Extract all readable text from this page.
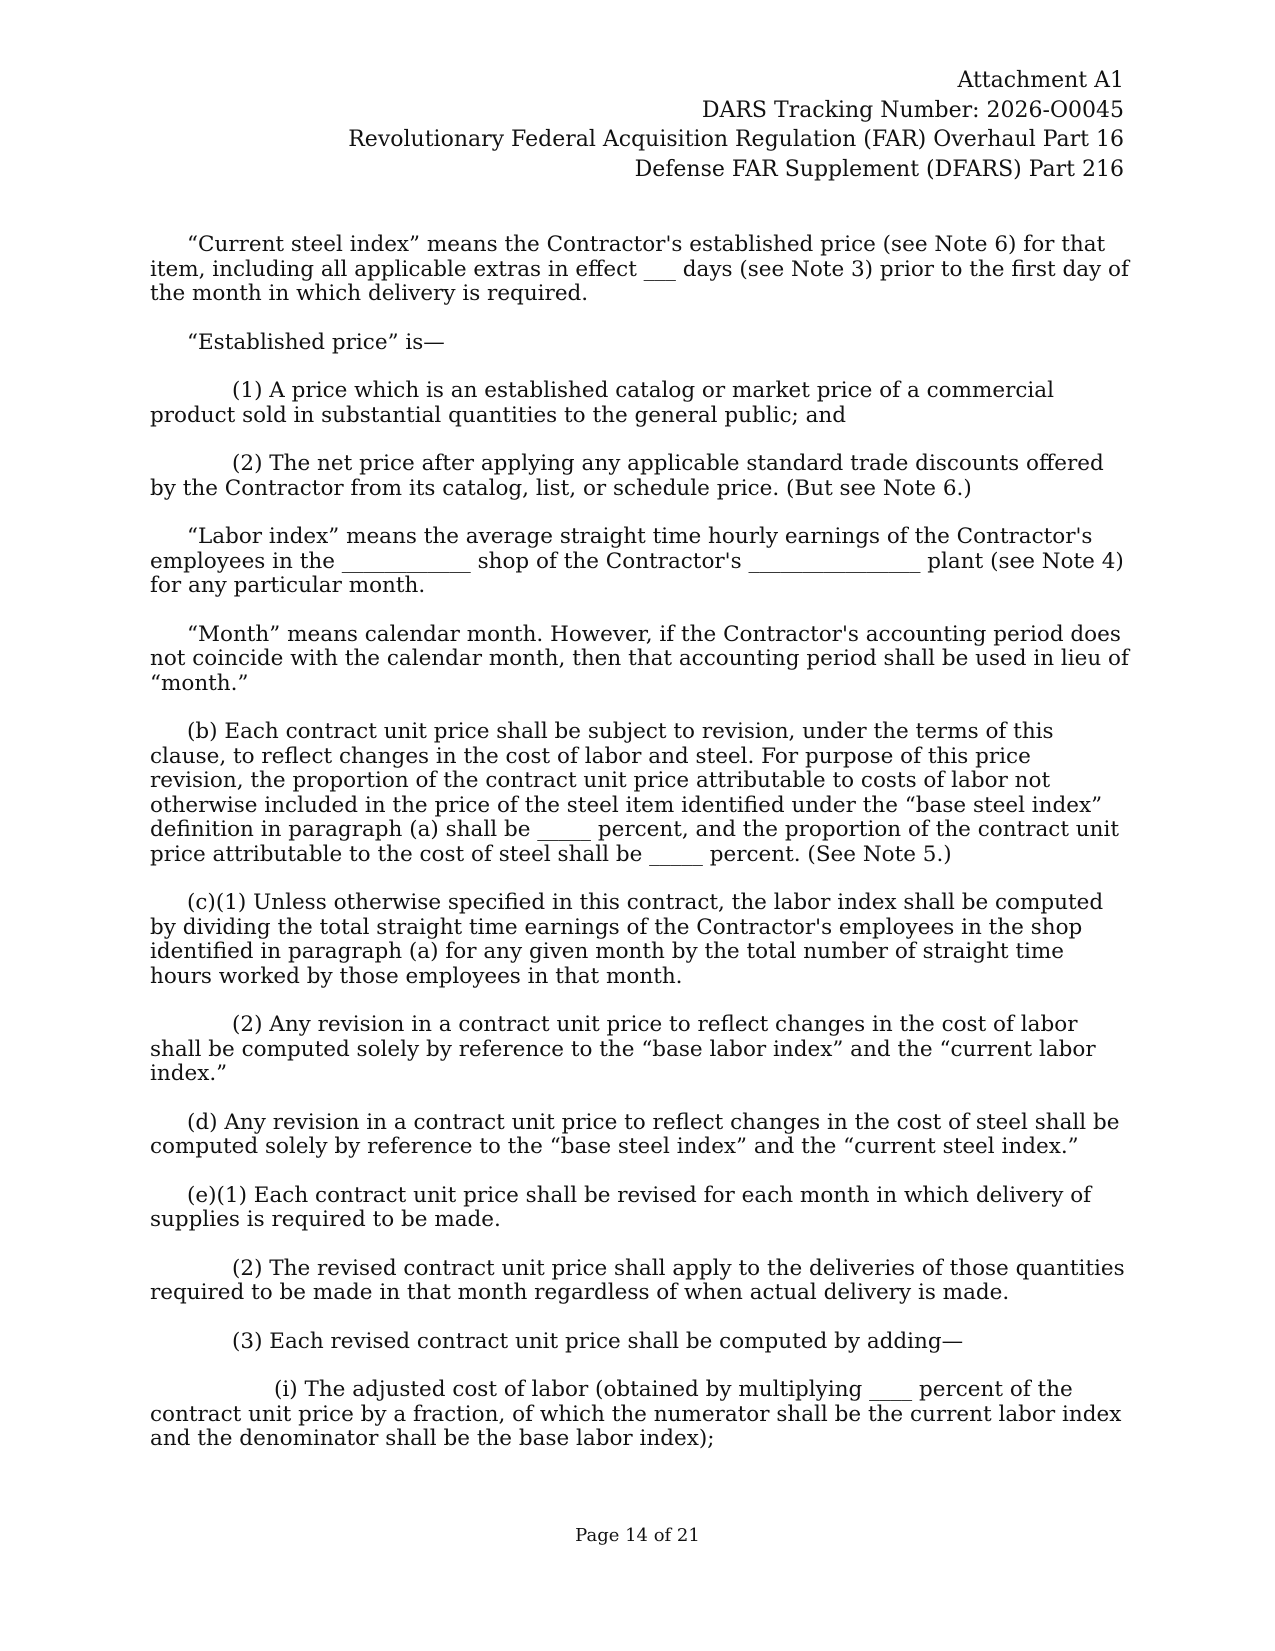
Attachment A1
DARS Tracking Number: 2026-O0045
Revolutionary Federal Acquisition Regulation (FAR) Overhaul Part 16
Defense FAR Supplement (DFARS) Part 216

“Current steel index” means the Contractor's established price (see Note 6) for that item, including all applicable extras in effect ___ days (see Note 3) prior to the first day of the month in which delivery is required.

“Established price” is—

(1) A price which is an established catalog or market price of a commercial product sold in substantial quantities to the general public; and

(2) The net price after applying any applicable standard trade discounts offered by the Contractor from its catalog, list, or schedule price. (But see Note 6.)

“Labor index” means the average straight time hourly earnings of the Contractor's employees in the ____________ shop of the Contractor's ________________ plant (see Note 4) for any particular month.

“Month” means calendar month. However, if the Contractor's accounting period does not coincide with the calendar month, then that accounting period shall be used in lieu of “month.”

(b) Each contract unit price shall be subject to revision, under the terms of this clause, to reflect changes in the cost of labor and steel. For purpose of this price revision, the proportion of the contract unit price attributable to costs of labor not otherwise included in the price of the steel item identified under the “base steel index” definition in paragraph (a) shall be _____ percent, and the proportion of the contract unit price attributable to the cost of steel shall be _____ percent. (See Note 5.)

(c)(1) Unless otherwise specified in this contract, the labor index shall be computed by dividing the total straight time earnings of the Contractor's employees in the shop identified in paragraph (a) for any given month by the total number of straight time hours worked by those employees in that month.

(2) Any revision in a contract unit price to reflect changes in the cost of labor shall be computed solely by reference to the “base labor index” and the “current labor index.”

(d) Any revision in a contract unit price to reflect changes in the cost of steel shall be computed solely by reference to the “base steel index” and the “current steel index.”

(e)(1) Each contract unit price shall be revised for each month in which delivery of supplies is required to be made.

(2) The revised contract unit price shall apply to the deliveries of those quantities required to be made in that month regardless of when actual delivery is made.

(3) Each revised contract unit price shall be computed by adding—

(i) The adjusted cost of labor (obtained by multiplying ____ percent of the contract unit price by a fraction, of which the numerator shall be the current labor index and the denominator shall be the base labor index);

Page 14 of 21
